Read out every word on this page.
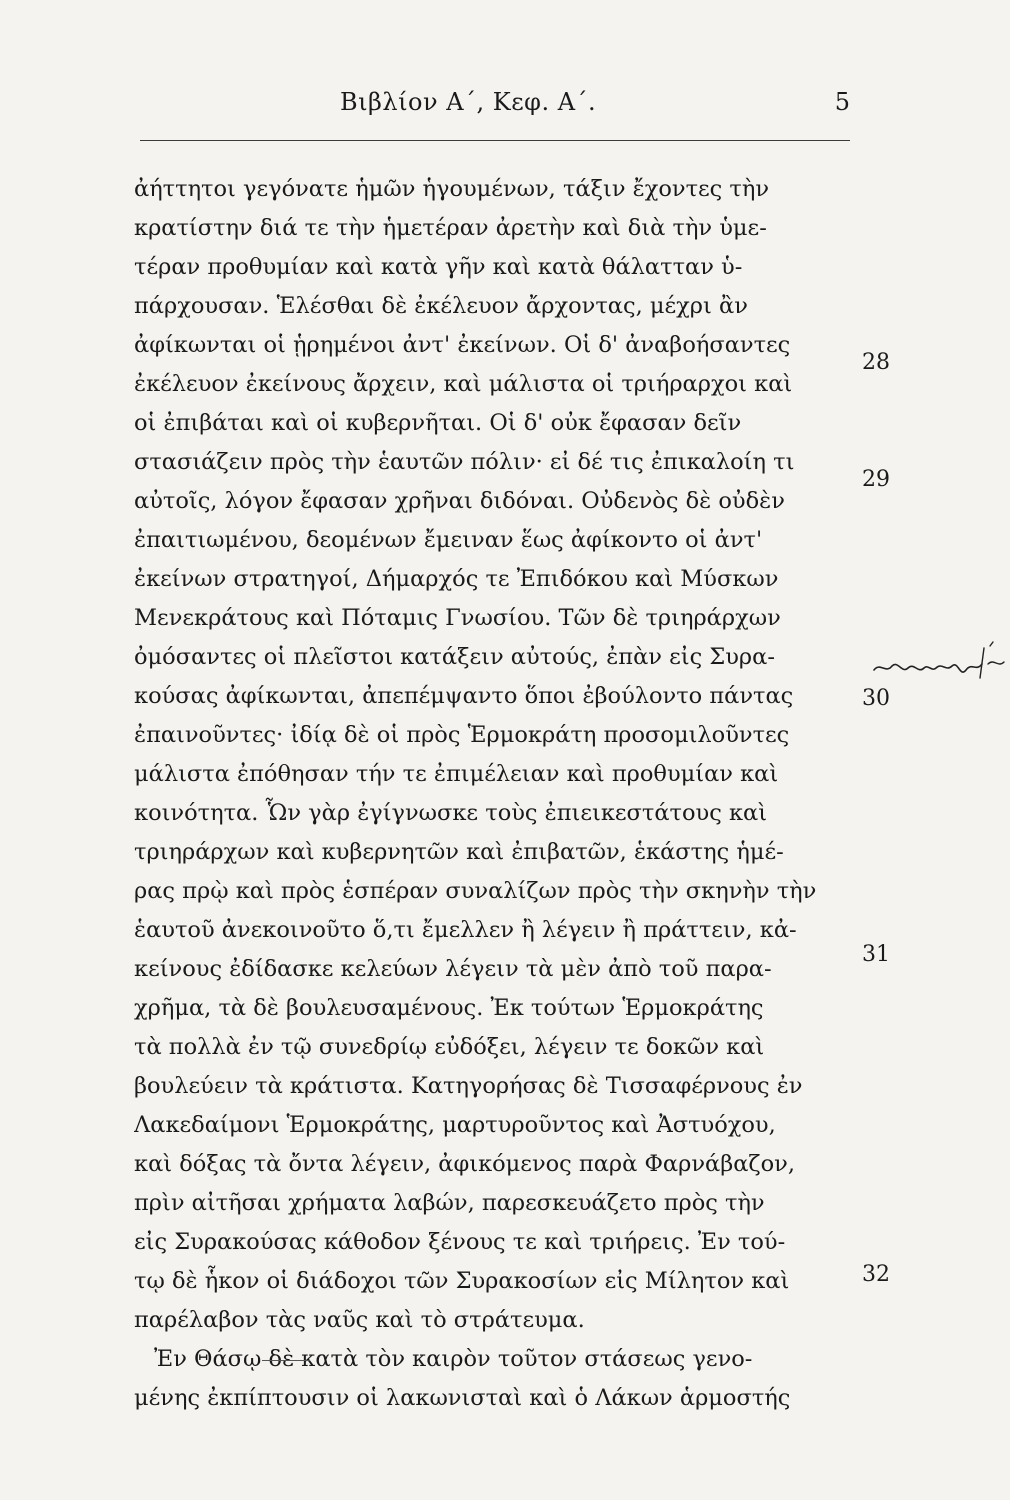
Βιβλίον Α΄, Κεφ. Α΄.	5
ἀήττητοι γεγόνατε ἡμῶν ἡγουμένων, τάξιν ἔχοντες τὴν
κρατίστην διά τε τὴν ἡμετέραν ἀρετὴν καὶ διὰ τὴν ὑμε-
τέραν προθυμίαν καὶ κατὰ γῆν καὶ κατὰ θάλατταν ὑ-
πάρχουσαν. Ἑλέσθαι δὲ ἐκέλευον ἄρχοντας, μέχρι ἂν
ἀφίκωνται οἱ ᾑρημένοι ἀντ' ἐκείνων. Οἱ δ' ἀναβοήσαντες
ἐκέλευον ἐκείνους ἄρχειν, καὶ μάλιστα οἱ τριήραρχοι καὶ
οἱ ἐπιβάται καὶ οἱ κυβερνῆται. Οἱ δ' οὐκ ἔφασαν δεῖν
στασιάζειν πρὸς τὴν ἑαυτῶν πόλιν· εἰ δέ τις ἐπικαλοίη τι
αὐτοῖς, λόγον ἔφασαν χρῆναι διδόναι. Οὐδενὸς δὲ οὐδὲν
ἐπαιτιωμένου, δεομένων ἔμειναν ἕως ἀφίκοντο οἱ ἀντ'
ἐκείνων στρατηγοί, Δήμαρχός τε Ἐπιδόκου καὶ Μύσκων
Μενεκράτους καὶ Πόταμις Γνωσίου. Τῶν δὲ τριηράρχων
ὀμόσαντες οἱ πλεῖστοι κατάξειν αὐτούς, ἐπὰν εἰς Συρα-
κούσας ἀφίκωνται, ἀπεπέμψαντο ὅποι ἐβούλοντο πάντας
ἐπαινοῦντες· ἰδίᾳ δὲ οἱ πρὸς Ἑρμοκράτη προσομιλοῦντες
μάλιστα ἐπόθησαν τήν τε ἐπιμέλειαν καὶ προθυμίαν καὶ
κοινότητα. Ὧν γὰρ ἐγίγνωσκε τοὺς ἐπιεικεστάτους καὶ
τριηράρχων καὶ κυβερνητῶν καὶ ἐπιβατῶν, ἑκάστης ἡμέ-
ρας πρῲ καὶ πρὸς ἑσπέραν συναλίζων πρὸς τὴν σκηνὴν τὴν
ἑαυτοῦ ἀνεκοινοῦτο ὅ,τι ἔμελλεν ἢ λέγειν ἢ πράττειν, κἀ-
κείνους ἐδίδασκε κελεύων λέγειν τὰ μὲν ἀπὸ τοῦ παρα-
χρῆμα, τὰ δὲ βουλευσαμένους. Ἐκ τούτων Ἑρμοκράτης
τὰ πολλὰ ἐν τῷ συνεδρίῳ εὐδόξει, λέγειν τε δοκῶν καὶ
βουλεύειν τὰ κράτιστα. Κατηγορήσας δὲ Τισσαφέρνους ἐν
Λακεδαίμονι Ἑρμοκράτης, μαρτυροῦντος καὶ Ἀστυόχου,
καὶ δόξας τὰ ὄντα λέγειν, ἀφικόμενος παρὰ Φαρνάβαζον,
πρὶν αἰτῆσαι χρήματα λαβών, παρεσκευάζετο πρὸς τὴν
εἰς Συρακούσας κάθοδον ξένους τε καὶ τριήρεις. Ἐν τού-
τῳ δὲ ἧκον οἱ διάδοχοι τῶν Συρακοσίων εἰς Μίλητον καὶ
παρέλαβον τὰς ναῦς καὶ τὸ στράτευμα.
Ἐν Θάσῳ δὲ κατὰ τὸν καιρὸν τοῦτον στάσεως γενο-
μένης ἐκπίπτουσιν οἱ λακωνισταὶ καὶ ὁ Λάκων ἁρμοστής
28
29
30
31
32
